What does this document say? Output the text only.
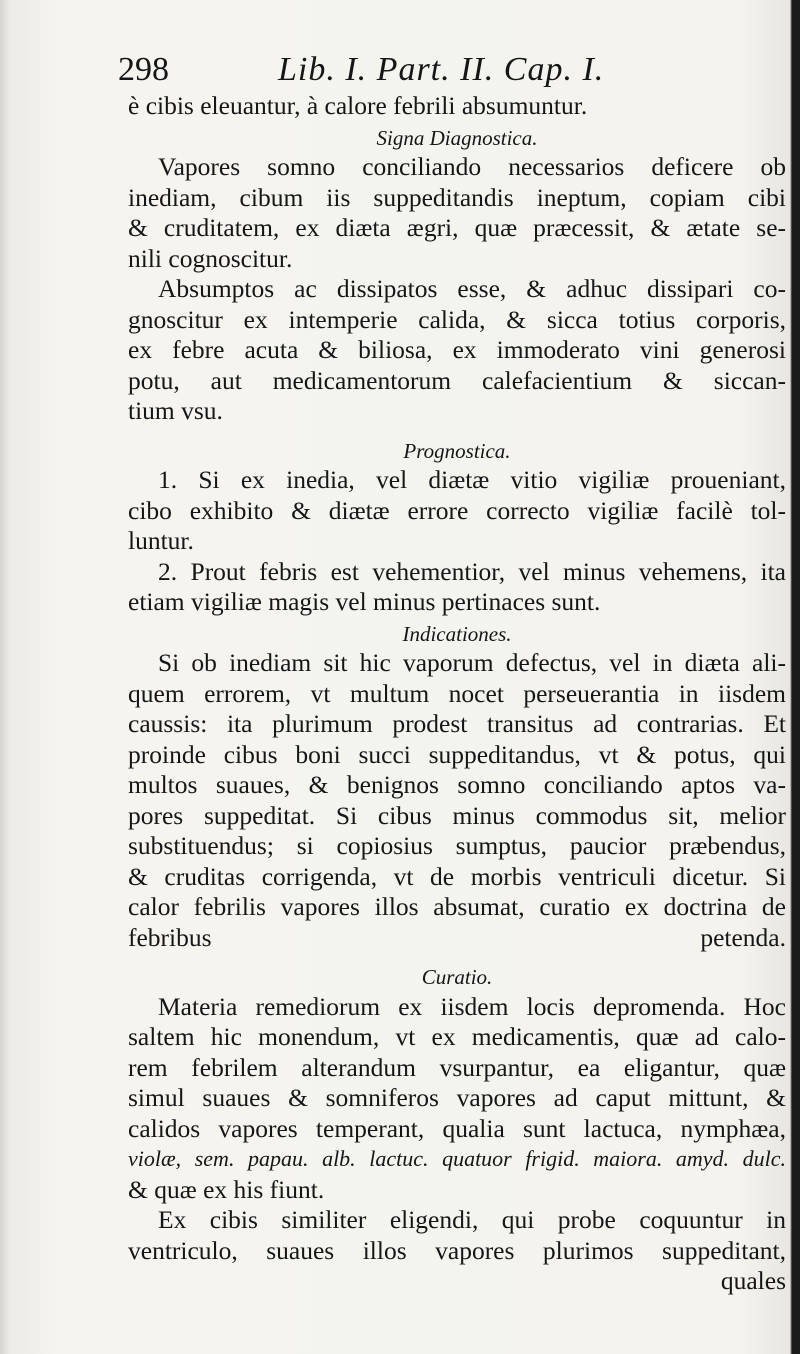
298	Lib. I. Part. II. Cap. I.
è cibis eleuantur, à calore febrili absumuntur.
Signa Diagnostica.
Vapores somno conciliando necessarios deficere ob
inediam, cibum iis suppeditandis ineptum, copiam cibi
& cruditatem, ex diæta ægri, quæ præcessit, & ætate se-
nili cognoscitur.
Absumptos ac dissipatos esse, & adhuc dissipari co-
gnoscitur ex intemperie calida, & sicca totius corporis,
ex febre acuta & biliosa, ex immoderato vini generosi
potu, aut medicamentorum calefacientium & siccan-
tium vsu.
Prognostica.
1. Si ex inedia, vel diætæ vitio vigiliæ proueniant,
cibo exhibito & diætæ errore correcto vigiliæ facilè tol-
luntur.
2. Prout febris est vehementior, vel minus vehemens, ita
etiam vigiliæ magis vel minus pertinaces sunt.
Indicationes.
Si ob inediam sit hic vaporum defectus, vel in diæta ali-
quem errorem, vt multum nocet perseuerantia in iisdem
caussis: ita plurimum prodest transitus ad contrarias. Et
proinde cibus boni succi suppeditandus, vt & potus, qui
multos suaues, & benignos somno conciliando aptos va-
pores suppeditat. Si cibus minus commodus sit, melior
substituendus; si copiosius sumptus, paucior præbendus,
& cruditas corrigenda, vt de morbis ventriculi dicetur. Si
calor febrilis vapores illos absumat, curatio ex doctrina de
febribus petenda.
Curatio.
Materia remediorum ex iisdem locis depromenda. Hoc
saltem hic monendum, vt ex medicamentis, quæ ad calo-
rem febrilem alterandum vsurpantur, ea eligantur, quæ
simul suaues & somniferos vapores ad caput mittunt, &
calidos vapores temperant, qualia sunt lactuca, nymphæa,
violæ, sem. papau. alb. lactuc. quatuor frigid. maiora. amyd. dulc.
& quæ ex his fiunt.
Ex cibis similiter eligendi, qui probe coquuntur in
ventriculo, suaues illos vapores plurimos suppeditant,
quales
